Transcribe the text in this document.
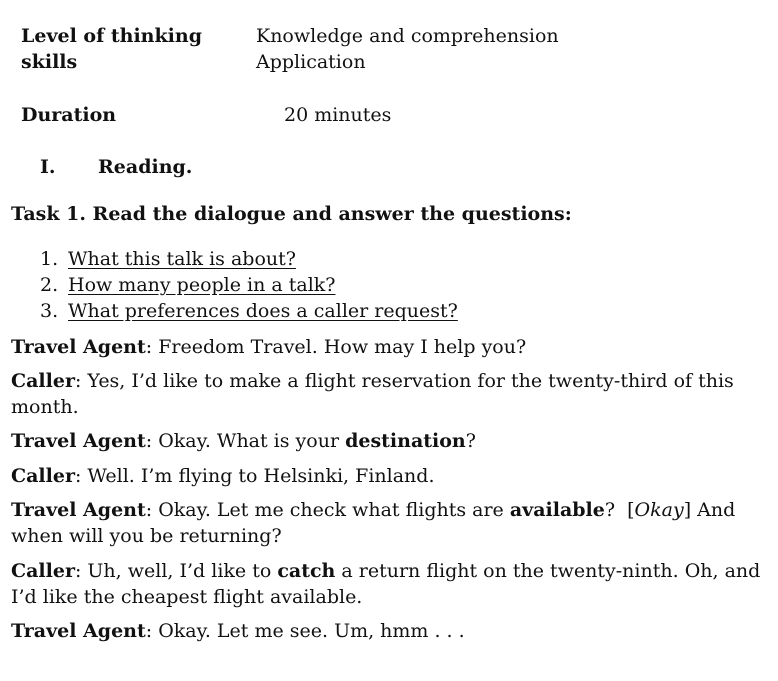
Level of thinking
skills
Knowledge and comprehension
Application
Duration	20 minutes
I. Reading.
Task 1. Read the dialogue and answer the questions:
1. What this talk is about?
2. How many people in a talk?
3. What preferences does a caller request?
Travel Agent: Freedom Travel. How may I help you?
Caller: Yes, I’d like to make a flight reservation for the twenty-third of this month.
Travel Agent: Okay. What is your destination?
Caller: Well. I’m flying to Helsinki, Finland.
Travel Agent: Okay. Let me check what flights are available?  [Okay] And when will you be returning?
Caller: Uh, well, I’d like to catch a return flight on the twenty-ninth. Oh, and I’d like the cheapest flight available.
Travel Agent: Okay. Let me see. Um, hmm . . .
